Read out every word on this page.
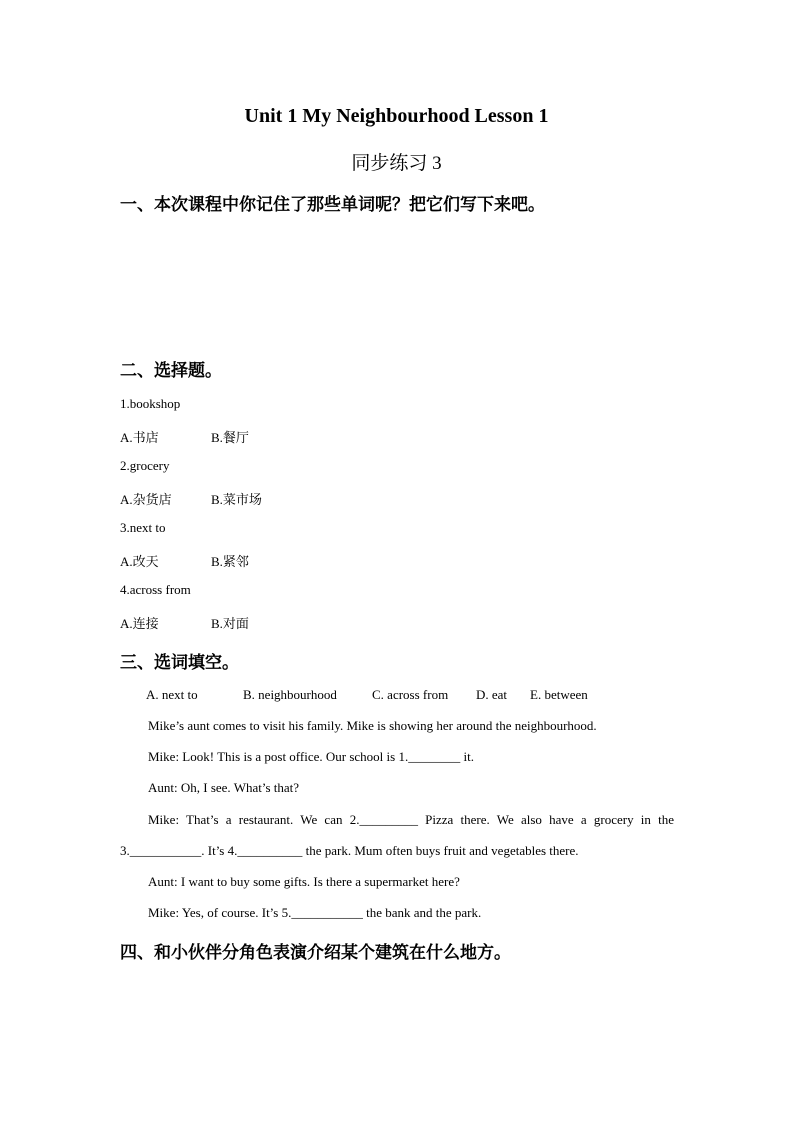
Unit 1 My Neighbourhood Lesson 1
同步练习 3
一、本次课程中你记住了那些单词呢？把它们写下来吧。
二、选择题。
1.bookshop
A.书店	B.餐厅
2.grocery
A.杂货店	B.菜市场
3.next to
A.改天	B.紧邻
4.across from
A.连接	B.对面
三、选词填空。
A. next to	B. neighbourhood	C. across from D. eat E. between
Mike’s aunt comes to visit his family. Mike is showing her around the neighbourhood.
Mike: Look! This is a post office. Our school is 1.________ it.
Aunt: Oh, I see. What’s that?
Mike: That’s a restaurant. We can 2._________ Pizza there. We also have a grocery in the
3.___________. It’s 4.__________ the park. Mum often buys fruit and vegetables there.
Aunt: I want to buy some gifts. Is there a supermarket here?
Mike: Yes, of course. It’s 5.___________ the bank and the park.
四、和小伙伴分角色表演介绍某个建筑在什么地方。
